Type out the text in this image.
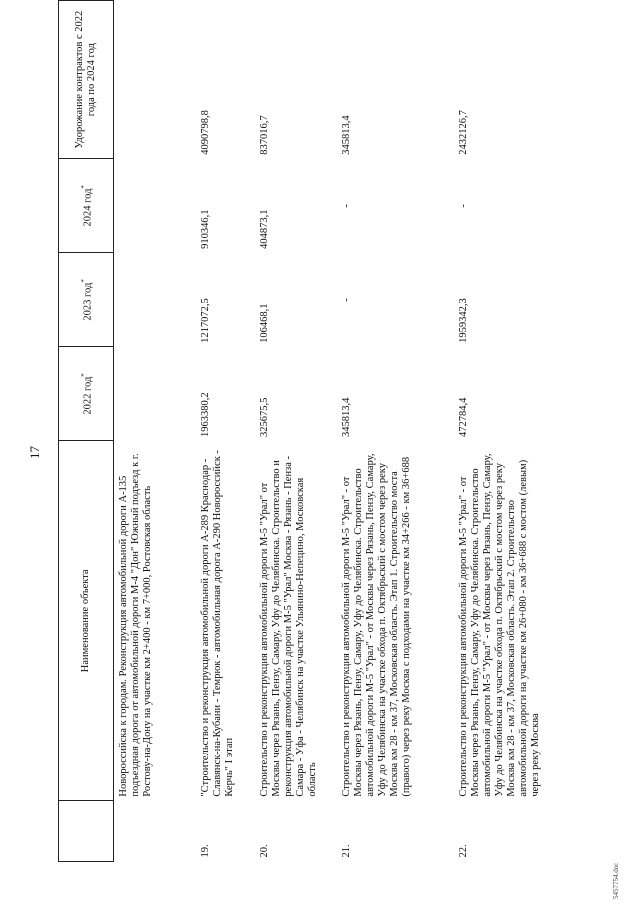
17
	Наименование объекта	2022 год*	2023 год*	2024 год*	Удорожание контрактов с 2022 года по 2024 год
	Новороссийска к городам. Реконструкция автомобильной дороги А-135 подъездная дорога от автомобильной дороги М-4 "Дон" Южный подъезд к г. Ростову-на-Дону на участке км 2+400 - км 7+000, Ростовская область				
19.	"Строительство и реконструкция автомобильной дороги А-289 Краснодар - Славянск-на-Кубани - Темрюк - автомобильная дорога А-290 Новороссийск - Керчь" I этап	1963380,2	1217072,5	910346,1	4090798,8
20.	Строительство и реконструкция автомобильной дороги М-5 "Урал" от Москвы через Рязань, Пензу, Самару, Уфу до Челябинска. Строительство и реконструкция автомобильной дороги М-5 "Урал" Москва - Рязань - Пенза - Самара - Уфа - Челябинск на участке Ульянино-Непецино, Московская область	325675,5	106468,1	404873,1	837016,7
21.	Строительство и реконструкция автомобильной дороги М-5 "Урал" - от Москвы через Рязань, Пензу, Самару, Уфу до Челябинска. Строительство автомобильной дороги М-5 "Урал" - от Москвы через Рязань, Пензу, Самару, Уфу до Челябинска на участке обхода п. Октябрьский с мостом через реку Москва км 28 - км 37, Московская область. Этап 1. Строительство моста (правого) через реку Москва с подходами на участке км 34+266 - км 36+688	345813,4	-	-	345813,4
22.	Строительство и реконструкция автомобильной дороги М-5 "Урал" - от Москвы через Рязань, Пензу, Самару, Уфу до Челябинска. Строительство автомобильной дороги М-5 "Урал" - от Москвы через Рязань, Пензу, Самару, Уфу до Челябинска на участке обхода п. Октябрьский с мостом через реку Москва км 28 - км 37, Московская область. Этап 2. Строительство автомобильной дороги на участке км 26+080 - км 36+688 с мостом (левым) через реку Москва	472784,4	1959342,3	-	2432126,7
5457754.doc
